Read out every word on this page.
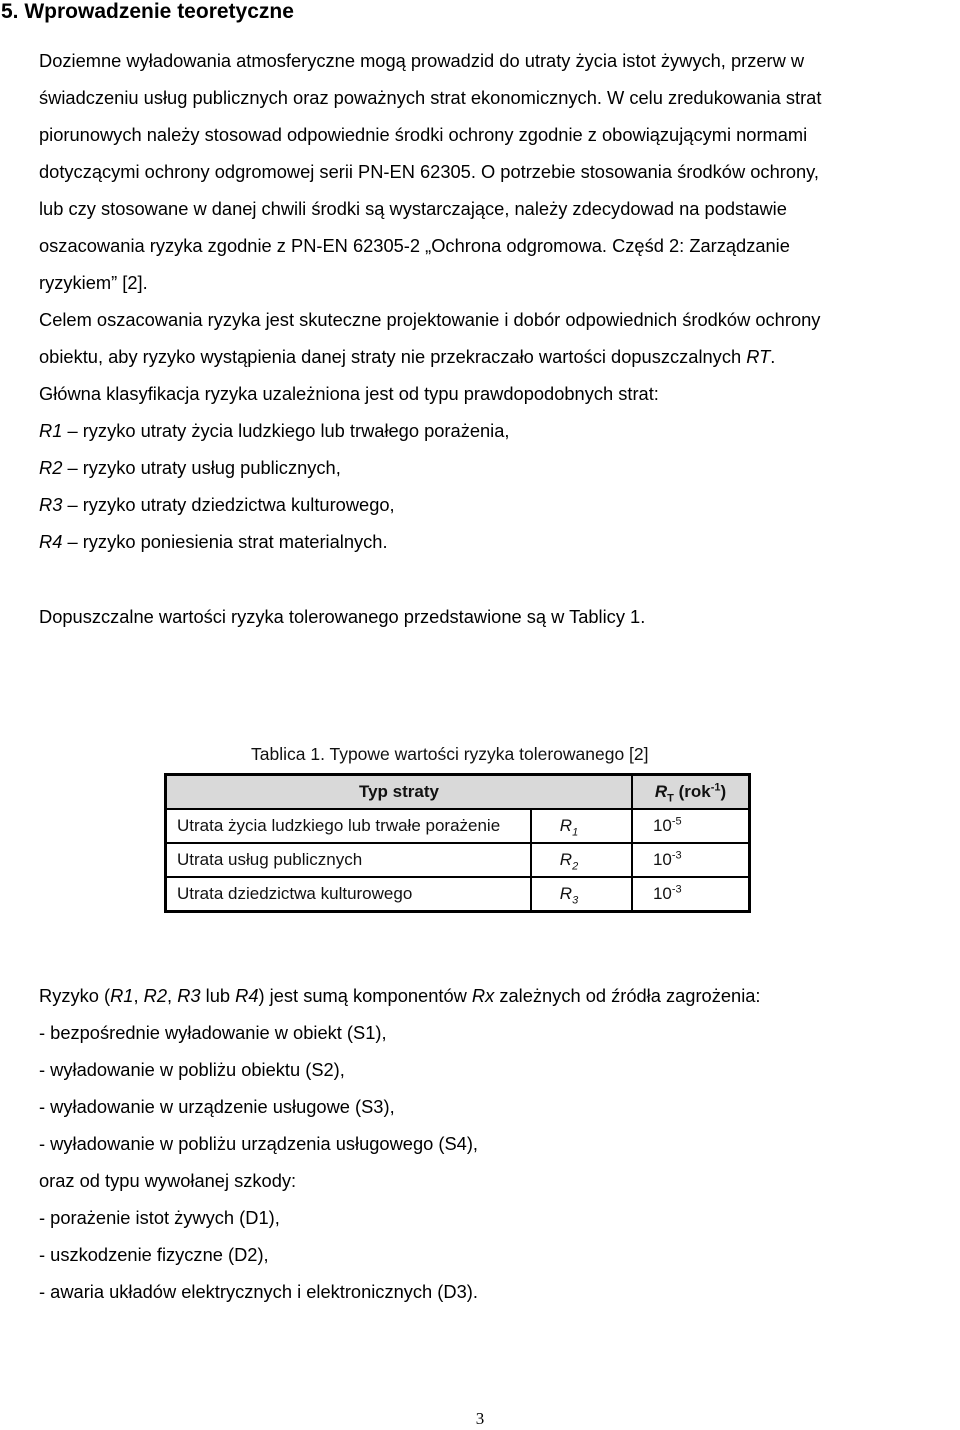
5. Wprowadzenie teoretyczne

Doziemne wyładowania atmosferyczne mogą prowadzid do utraty życia istot żywych, przerw w
świadczeniu usług publicznych oraz poważnych strat ekonomicznych. W celu zredukowania strat
piorunowych należy stosowad odpowiednie środki ochrony zgodnie z obowiązującymi normami
dotyczącymi ochrony odgromowej serii PN-EN 62305. O potrzebie stosowania środków ochrony,
lub czy stosowane w danej chwili środki są wystarczające, należy zdecydowad na podstawie
oszacowania ryzyka zgodnie z PN-EN 62305-2 „Ochrona odgromowa. Częśd 2: Zarządzanie
ryzykiem” [2].

Celem oszacowania ryzyka jest skuteczne projektowanie i dobór odpowiednich środków ochrony
obiektu, aby ryzyko wystąpienia danej straty nie przekraczało wartości dopuszczalnych RT.

Główna klasyfikacja ryzyka uzależniona jest od typu prawdopodobnych strat:

R1 – ryzyko utraty życia ludzkiego lub trwałego porażenia,
R2 – ryzyko utraty usług publicznych,
R3 – ryzyko utraty dziedzictwa kulturowego,
R4 – ryzyko poniesienia strat materialnych.

Dopuszczalne wartości ryzyka tolerowanego przedstawione są w Tablicy 1.

Tablica 1. Typowe wartości ryzyka tolerowanego [2]

Typ straty		$R_T$ (rok$^{-1}$)
Utrata życia ludzkiego lub trwałe porażenie	$R_1$	$10^{-5}$
Utrata usług publicznych	$R_2$	$10^{-3}$
Utrata dziedzictwa kulturowego	$R_3$	$10^{-3}$
Ryzyko (R1, R2, R3 lub R4) jest sumą komponentów Rx zależnych od źródła zagrożenia:
- bezpośrednie wyładowanie w obiekt (S1),
- wyładowanie w pobliżu obiektu (S2),
- wyładowanie w urządzenie usługowe (S3),
- wyładowanie w pobliżu urządzenia usługowego (S4),
oraz od typu wywołanej szkody:
- porażenie istot żywych (D1),
- uszkodzenie fizyczne (D2),
- awaria układów elektrycznych i elektronicznych (D3).

3
